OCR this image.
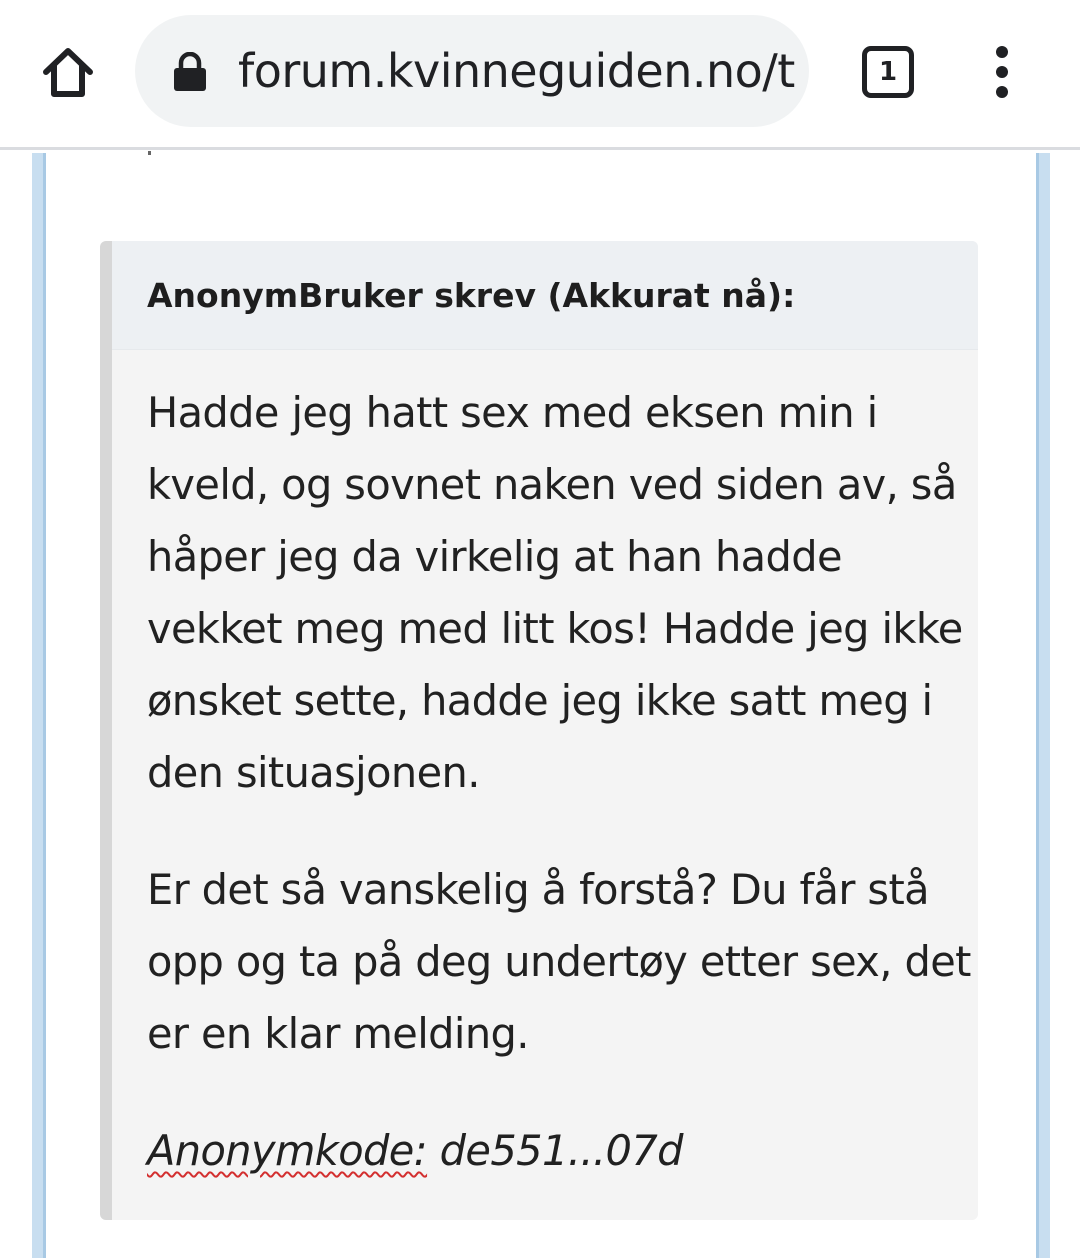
forum.kvinneguiden.no/t	1
AnonymBruker skrev (Akkurat nå):

Hadde jeg hatt sex med eksen min i kveld, og sovnet naken ved siden av, så håper jeg da virkelig at han hadde vekket meg med litt kos! Hadde jeg ikke ønsket sette, hadde jeg ikke satt meg i den situasjonen.

Er det så vanskelig å forstå? Du får stå opp og ta på deg undertøy etter sex, det er en klar melding.

Anonymkode: de551...07d
